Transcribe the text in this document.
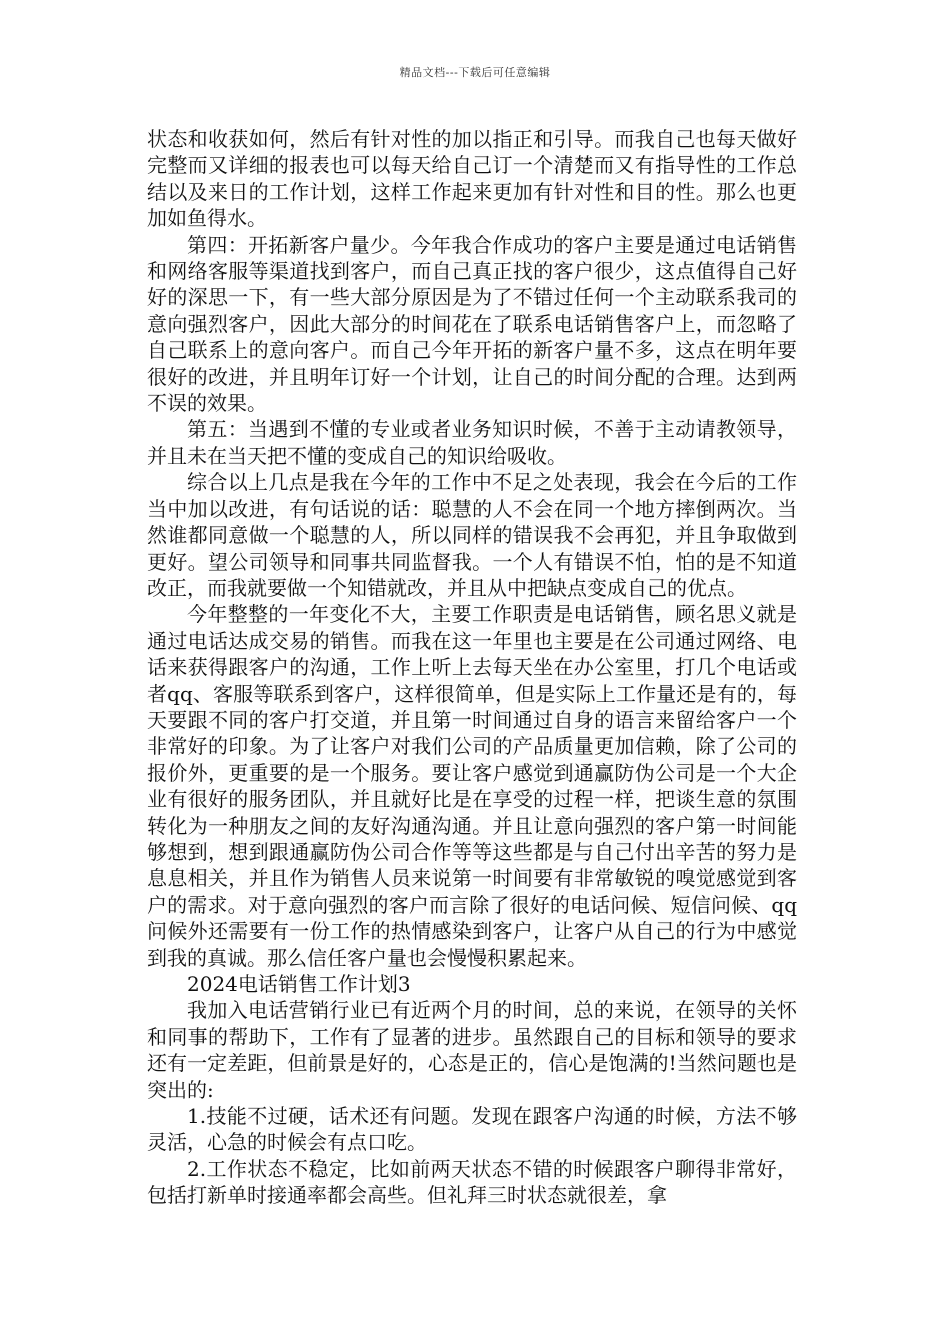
精品文档---下载后可任意编辑

状态和收获如何，然后有针对性的加以指正和引导。而我自己也每天做好完整而又详细的报表也可以每天给自己订一个清楚而又有指导性的工作总结以及来日的工作计划，这样工作起来更加有针对性和目的性。那么也更加如鱼得水。

第四：开拓新客户量少。今年我合作成功的客户主要是通过电话销售和网络客服等渠道找到客户，而自己真正找的客户很少，这点值得自己好好的深思一下，有一些大部分原因是为了不错过任何一个主动联系我司的意向强烈客户，因此大部分的时间花在了联系电话销售客户上，而忽略了自己联系上的意向客户。而自己今年开拓的新客户量不多，这点在明年要很好的改进，并且明年订好一个计划，让自己的时间分配的合理。达到两不误的效果。

第五：当遇到不懂的专业或者业务知识时候，不善于主动请教领导，并且未在当天把不懂的变成自己的知识给吸收。

综合以上几点是我在今年的工作中不足之处表现，我会在今后的工作当中加以改进，有句话说的话：聪慧的人不会在同一个地方摔倒两次。当然谁都同意做一个聪慧的人，所以同样的错误我不会再犯，并且争取做到更好。望公司领导和同事共同监督我。一个人有错误不怕，怕的是不知道改正，而我就要做一个知错就改，并且从中把缺点变成自己的优点。

今年整整的一年变化不大，主要工作职责是电话销售，顾名思义就是通过电话达成交易的销售。而我在这一年里也主要是在公司通过网络、电话来获得跟客户的沟通，工作上听上去每天坐在办公室里，打几个电话或者qq、客服等联系到客户，这样很简单，但是实际上工作量还是有的，每天要跟不同的客户打交道，并且第一时间通过自身的语言来留给客户一个非常好的印象。为了让客户对我们公司的产品质量更加信赖，除了公司的报价外，更重要的是一个服务。要让客户感觉到通赢防伪公司是一个大企业有很好的服务团队，并且就好比是在享受的过程一样，把谈生意的氛围转化为一种朋友之间的友好沟通沟通。并且让意向强烈的客户第一时间能够想到，想到跟通赢防伪公司合作等等这些都是与自己付出辛苦的努力是息息相关，并且作为销售人员来说第一时间要有非常敏锐的嗅觉感觉到客户的需求。对于意向强烈的客户而言除了很好的电话问候、短信问候、qq问候外还需要有一份工作的热情感染到客户，让客户从自己的行为中感觉到我的真诚。那么信任客户量也会慢慢积累起来。

2024电话销售工作计划3

我加入电话营销行业已有近两个月的时间，总的来说，在领导的关怀和同事的帮助下，工作有了显著的进步。虽然跟自己的目标和领导的要求还有一定差距，但前景是好的，心态是正的，信心是饱满的!当然问题也是突出的:

1.技能不过硬，话术还有问题。发现在跟客户沟通的时候，方法不够灵活，心急的时候会有点口吃。

2.工作状态不稳定，比如前两天状态不错的时候跟客户聊得非常好，包括打新单时接通率都会高些。但礼拜三时状态就很差，拿
